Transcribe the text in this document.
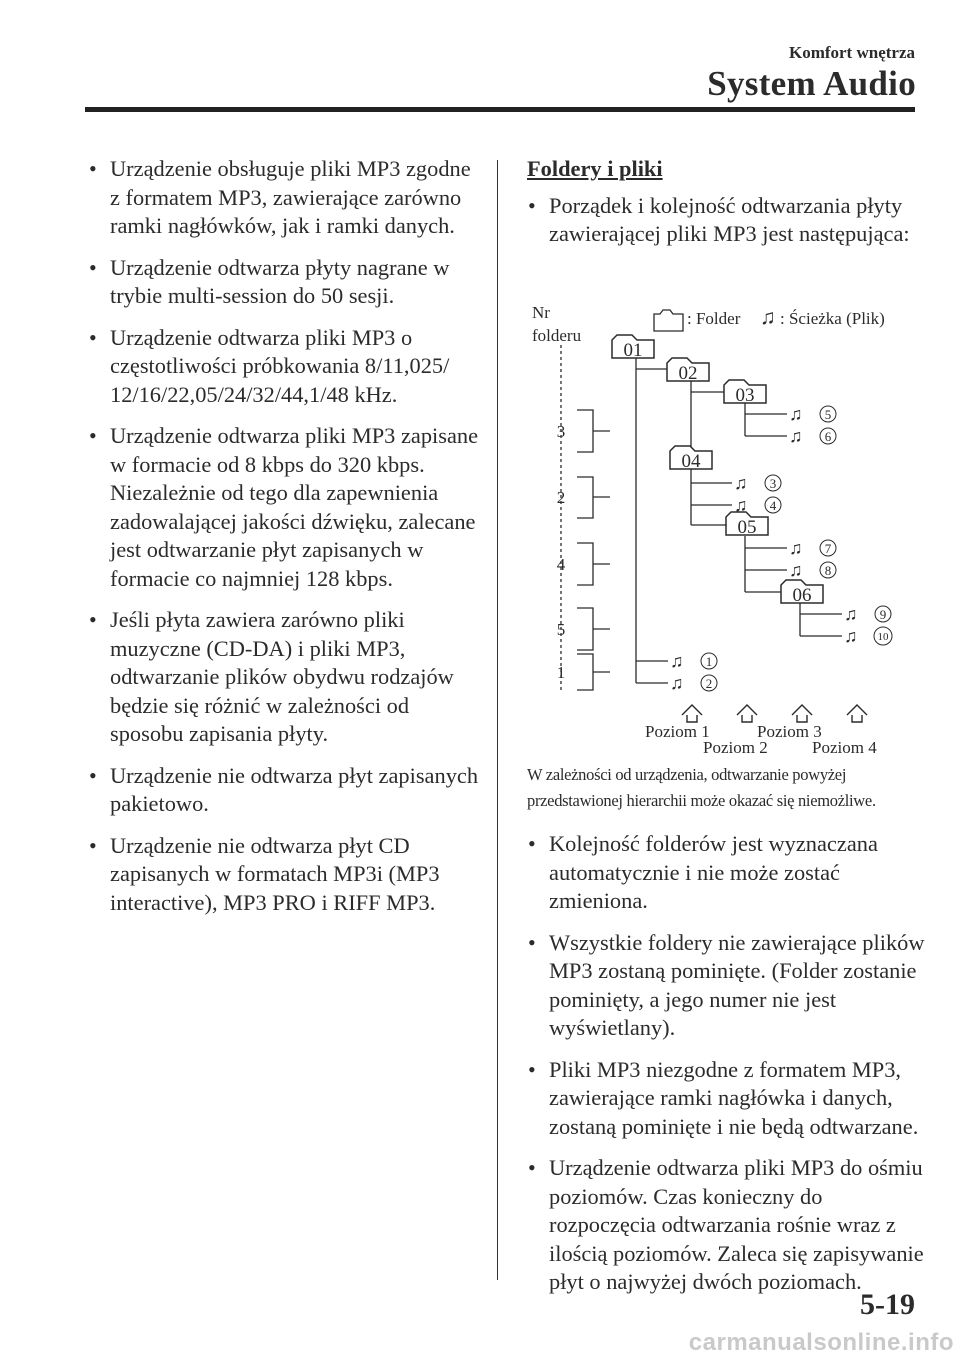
Komfort wnętrza
System Audio
• Urządzenie obsługuje pliki MP3 zgodne z formatem MP3, zawierające zarówno ramki nagłówków, jak i ramki danych.
• Urządzenie odtwarza płyty nagrane w trybie multi-session do 50 sesji.
• Urządzenie odtwarza pliki MP3 o częstotliwości próbkowania 8/11,025/ 12/16/22,05/24/32/44,1/48 kHz.
• Urządzenie odtwarza pliki MP3 zapisane w formacie od 8 kbps do 320 kbps. Niezależnie od tego dla zapewnienia zadowalającej jakości dźwięku, zalecane jest odtwarzanie płyt zapisanych w formacie co najmniej 128 kbps.
• Jeśli płyta zawiera zarówno pliki muzyczne (CD-DA) i pliki MP3, odtwarzanie plików obydwu rodzajów będzie się różnić w zależności od sposobu zapisania płyty.
• Urządzenie nie odtwarza płyt zapisanych pakietowo.
• Urządzenie nie odtwarza płyt CD zapisanych w formatach MP3i (MP3 interactive), MP3 PRO i RIFF MP3.
Foldery i pliki
• Porządek i kolejność odtwarzania płyty zawierającej pliki MP3 jest następująca:
01
02
03
04
05
06
Nr
folderu
: Folder : Ścieżka (Plik)
♫
3
2
4
5
1
♫
♫
♫
♫
♫
♫
♫
♫
♫
♫
5
6
3
4
7
8
9
10
1
2
Poziom 1
Poziom 2
Poziom 3
Poziom 4
W zależności od urządzenia, odtwarzanie powyżej
przedstawionej hierarchii może okazać się niemożliwe.
• Kolejność folderów jest wyznaczana automatycznie i nie może zostać zmieniona.
• Wszystkie foldery nie zawierające plików MP3 zostaną pominięte. (Folder zostanie pominięty, a jego numer nie jest wyświetlany).
• Pliki MP3 niezgodne z formatem MP3, zawierające ramki nagłówka i danych, zostaną pominięte i nie będą odtwarzane.
• Urządzenie odtwarza pliki MP3 do ośmiu poziomów. Czas konieczny do rozpoczęcia odtwarzania rośnie wraz z ilością poziomów. Zaleca się zapisywanie płyt o najwyżej dwóch poziomach.
5-19
carmanualsonline.info
